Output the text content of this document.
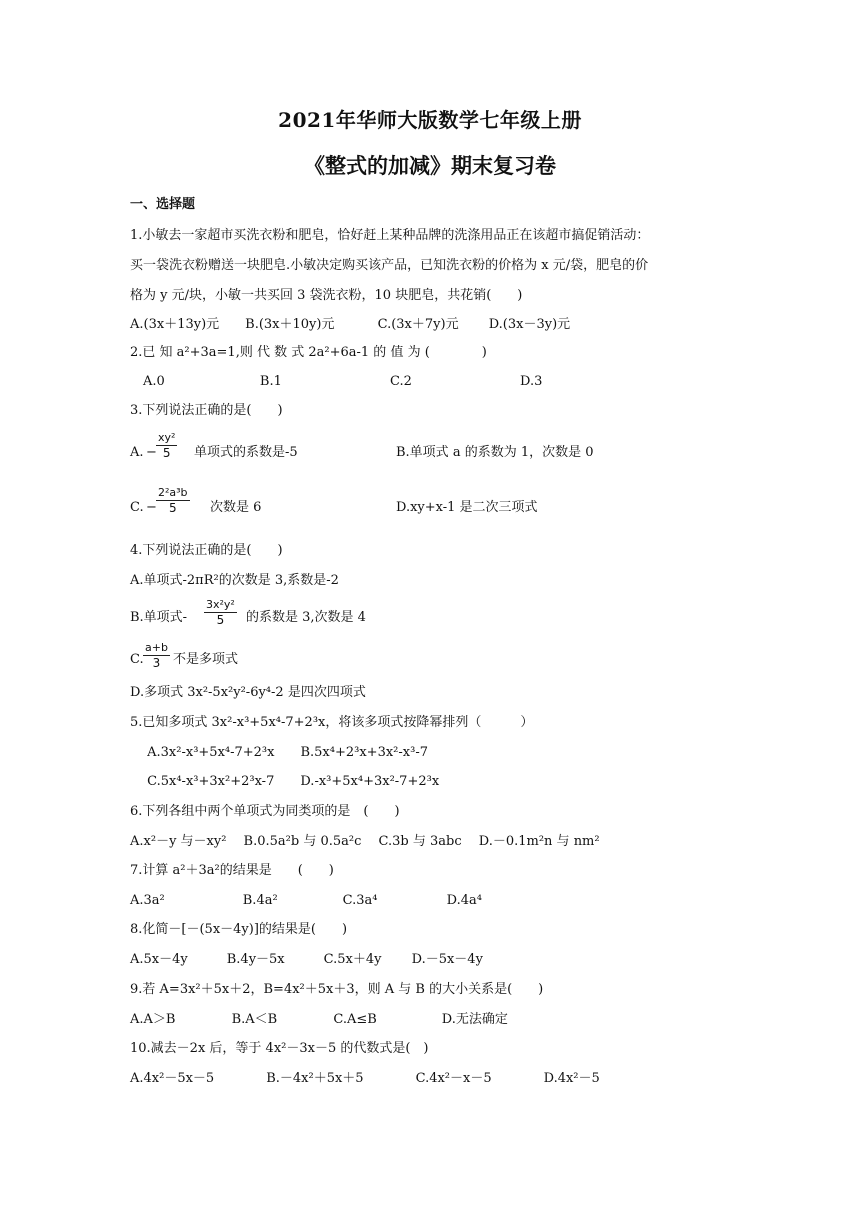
2021年华师大版数学七年级上册
《整式的加减》期末复习卷
一、选择题
1.小敏去一家超市买洗衣粉和肥皂，恰好赶上某种品牌的洗涤用品正在该超市搞促销活动：
买一袋洗衣粉赠送一块肥皂.小敏决定购买该产品，已知洗衣粉的价格为 x 元/袋，肥皂的价
格为 y 元/块，小敏一共买回 3 袋洗衣粉，10 块肥皂，共花销(　　)
A.(3x＋13y)元　　B.(3x＋10y)元　　　 C.(3x＋7y)元　　 D.(3x－3y)元
2.已 知 a²+3a=1,则 代 数 式 2a²+6a-1 的 值 为 (　　　　)
　A.0　　　　　　　 B.1　　　　　　　　 C.2　　　　　　　　 D.3
3.下列说法正确的是(　　)
A. −
xy²
5 单项式的系数是-5	B.单项式 a 的系数为 1，次数是 0
C. −
2²a³b
5	次数是 6	D.xy+x-1 是二次三项式
4.下列说法正确的是(　　)
A.单项式-2πR²的次数是 3,系数是-2
B.单项式-
3x²y²
5 的系数是 3,次数是 4
C.
a+b
3 不是多项式
D.多项式 3x²-5x²y²-6y⁴-2 是四次四项式
5.已知多项式 3x²-x³+5x⁴-7+2³x，将该多项式按降幂排列（　　　）
　 A.3x²-x³+5x⁴-7+2³x　　B.5x⁴+2³x+3x²-x³-7
　 C.5x⁴-x³+3x²+2³x-7　　D.-x³+5x⁴+3x²-7+2³x
6.下列各组中两个单项式为同类项的是　(　　)
A.x²－y 与－xy²　 B.0.5a²b 与 0.5a²c　 C.3b 与 3abc　 D.－0.1m²n 与 nm²
7.计算 a²＋3a²的结果是　　(　　)
A.3a²　　　　　　B.4a²　　　　　C.3a⁴　　　　　 D.4a⁴
8.化简－[－(5x－4y)]的结果是(　　)
A.5x－4y　　　B.4y－5x　　　C.5x＋4y　　 D.－5x－4y
9.若 A=3x²＋5x＋2，B=4x²＋5x＋3，则 A 与 B 的大小关系是(　　)
A.A＞B　　　　 B.A＜B　　　　 C.A≤B　　　　　D.无法确定
10.减去－2x 后，等于 4x²－3x－5 的代数式是(　)
A.4x²－5x－5　　　　B.－4x²＋5x＋5　　　　C.4x²－x－5　　　　D.4x²－5
